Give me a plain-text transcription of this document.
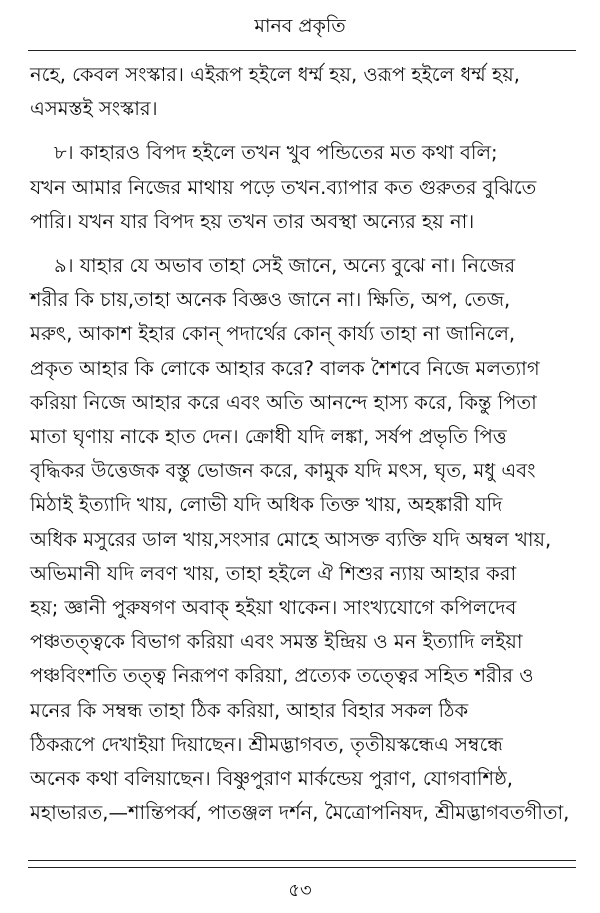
মানব প্রকৃতি

নহে, কেবল সংস্কার। এইরূপ হইলে ধর্ম্ম হয়, ওরূপ হইলে ধর্ম্ম হয়,
এসমস্তই সংস্কার।

৮। কাহারও বিপদ হইলে তখন খুব পন্ডিতের মত কথা বলি;
যখন আমার নিজের মাথায় পড়ে তখন.ব্যাপার কত গুরুতর বুঝিতে
পারি। যখন যার বিপদ হয় তখন তার অবস্থা অন্যের হয় না।

৯। যাহার যে অভাব তাহা সেই জানে, অন্যে বুঝে না। নিজের
শরীর কি চায়,তাহা অনেক বিজ্ঞও জানে না। ক্ষিতি, অপ, তেজ,
মরুৎ, আকাশ ইহার কোন্ পদার্থের কোন্ কার্য্য তাহা না জানিলে,
প্রকৃত আহার কি লোকে আহার করে? বালক শৈশবে নিজে মলত্যাগ
করিয়া নিজে আহার করে এবং অতি আনন্দে হাস্য করে, কিন্তু পিতা
মাতা ঘৃণায় নাকে হাত দেন। ক্রোধী যদি লঙ্কা, সর্ষপ প্রভৃতি পিত্ত
বৃদ্ধিকর উত্তেজক বস্তু ভোজন করে, কামুক যদি মৎস, ঘৃত, মধু এবং
মিঠাই ইত্যাদি খায়, লোভী যদি অধিক তিক্ত খায়, অহঙ্কারী যদি
অধিক মসুরের ডাল খায়,সংসার মোহে আসক্ত ব্যক্তি যদি অম্বল খায়,
অভিমানী যদি লবণ খায়, তাহা হইলে ঐ শিশুর ন্যায় আহার করা
হয়; জ্ঞানী পুরুষগণ অবাক্ হইয়া থাকেন। সাংখ্যযোগে কপিলদেব
পঞ্চতত্ত্বকে বিভাগ করিয়া এবং সমস্ত ইন্দ্রিয় ও মন ইত্যাদি লইয়া
পঞ্চবিংশতি তত্ত্ব নিরূপণ করিয়া, প্রত্যেক তত্ত্বের সহিত শরীর ও
মনের কি সম্বন্ধ তাহা ঠিক করিয়া, আহার বিহার সকল ঠিক
ঠিকরূপে দেখাইয়া দিয়াছেন। শ্রীমদ্ভাগবত, তৃতীয়স্কন্ধেএ সম্বন্ধে
অনেক কথা বলিয়াছেন। বিষ্ণুপুরাণ মার্কন্ডেয় পুরাণ, যোগবাশিষ্ঠ,
মহাভারত,—শান্তিপর্ব্ব, পাতঞ্জল দর্শন, মৈত্রোপনিষদ, শ্রীমদ্ভাগবতগীতা,

৫৩
